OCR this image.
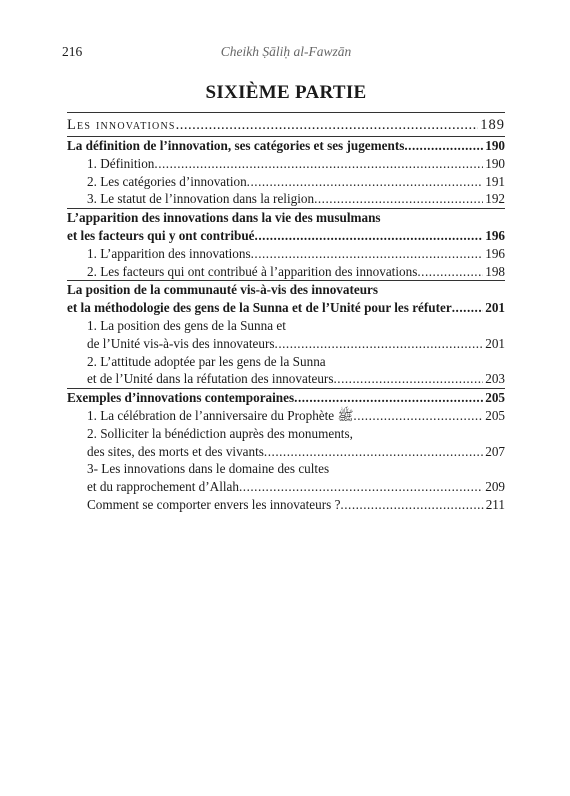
216	Cheikh Ṣāliḥ al-Fawzān
SIXIÈME PARTIE
Les innovations .....	189
La définition de l’innovation, ses catégories et ses jugements .....	190
1. Définition .....	190
2. Les catégories d’innovation .....	191
3. Le statut de l’innovation dans la religion .....	192
L’apparition des innovations dans la vie des musulmans
et les facteurs qui y ont contribué .....	196
1. L’apparition des innovations .....	196
2. Les facteurs qui ont contribué à l’apparition des innovations .....	198
La position de la communauté vis-à-vis des innovateurs
et la méthodologie des gens de la Sunna et de l’Unité pour les réfuter .....	201
1. La position des gens de la Sunna et
de l’Unité vis-à-vis des innovateurs .....	201
2. L’attitude adoptée par les gens de la Sunna
et de l’Unité dans la réfutation des innovateurs .....	203
Exemples d’innovations contemporaines .....	205
1. La célébration de l’anniversaire du Prophète ﷺ .....	205
2. Solliciter la bénédiction auprès des monuments,
des sites, des morts et des vivants .....	207
3- Les innovations dans le domaine des cultes
et du rapprochement d’Allah .....	209
Comment se comporter envers les innovateurs ? .....	211
